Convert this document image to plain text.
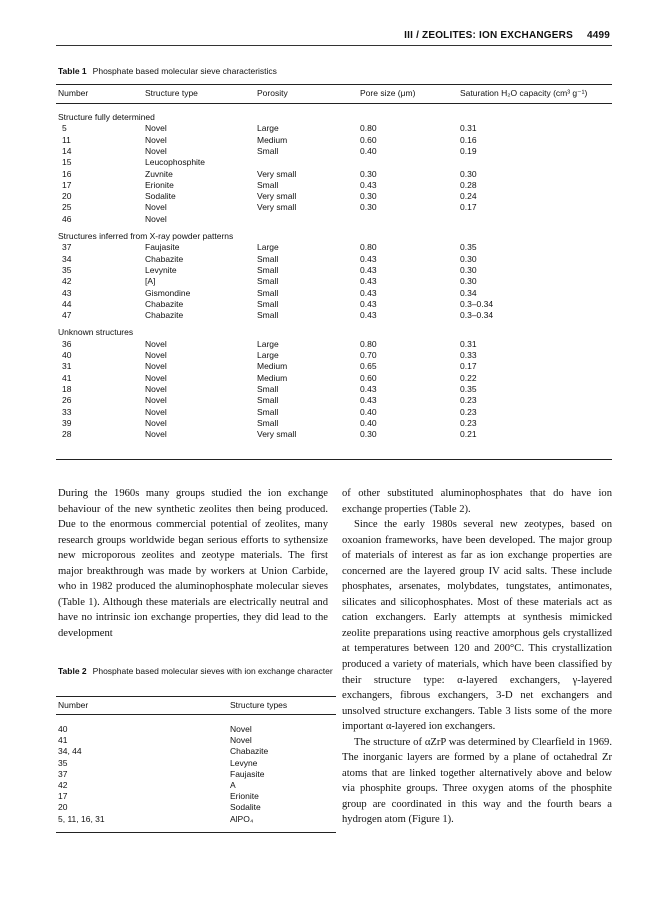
III / ZEOLITES: ION EXCHANGERS 4499
Table 1 Phosphate based molecular sieve characteristics
Number	Structure type	Porosity	Pore size (μm)	Saturation H₂O capacity (cm³ g⁻¹)
Structure fully determined
5	Novel	Large	0.80	0.31
11	Novel	Medium	0.60	0.16
14	Novel	Small	0.40	0.19
15	Leucophosphite
16	Zuvnite	Very small	0.30	0.30
17	Erionite	Small	0.43	0.28
20	Sodalite	Very small	0.30	0.24
25	Novel	Very small	0.30	0.17
46	Novel
Structures inferred from X-ray powder patterns
37	Faujasite	Large	0.80	0.35
34	Chabazite	Small	0.43	0.30
35	Levynite	Small	0.43	0.30
42	[A]	Small	0.43	0.30
43	Gismondine	Small	0.43	0.34
44	Chabazite	Small	0.43	0.3–0.34
47	Chabazite	Small	0.43	0.3–0.34
Unknown structures
36	Novel	Large	0.80	0.31
40	Novel	Large	0.70	0.33
31	Novel	Medium	0.65	0.17
41	Novel	Medium	0.60	0.22
18	Novel	Small	0.43	0.35
26	Novel	Small	0.43	0.23
33	Novel	Small	0.40	0.23
39	Novel	Small	0.40	0.23
28	Novel	Very small	0.30	0.21

During the 1960s many groups studied the ion exchange behaviour of the new synthetic zeolites then being produced. Due to the enormous commercial potential of zeolites, many research groups worldwide began serious efforts to sythensize new microporous zeolites and zeotype materials. The first major breakthrough was made by workers at Union Carbide, who in 1982 produced the aluminophosphate molecular sieves (Table 1). Although these materials are electrically neutral and have no intrinsic ion exchange properties, they did lead to the development

of other substituted aluminophosphates that do have ion exchange properties (Table 2).

Since the early 1980s several new zeotypes, based on oxoanion frameworks, have been developed. The major group of materials of interest as far as ion exchange properties are concerned are the layered group IV acid salts. These include phosphates, arsenates, molybdates, tungstates, antimonates, silicates and silicophosphates. Most of these materials act as cation exchangers. Early attempts at synthesis mimicked zeolite preparations using reactive amorphous gels crystallized at temperatures between 120 and 200°C. This crystallization produced a variety of materials, which have been classified by their structure type: α-layered exchangers, γ-layered exchangers, fibrous exchangers, 3-D net exchangers and unsolved structure exchangers. Table 3 lists some of the more important α-layered ion exchangers.

The structure of αZrP was determined by Clearfield in 1969. The inorganic layers are formed by a plane of octahedral Zr atoms that are linked together alternatively above and below via phosphite groups. Three oxygen atoms of the phosphite group are coordinated in this way and the fourth bears a hydrogen atom (Figure 1).

Table 2 Phosphate based molecular sieves with ion exchange character
Number	Structure types
40	Novel
41	Novel
34, 44	Chabazite
35	Levyne
37	Faujasite
42	A
17	Erionite
20	Sodalite
5, 11, 16, 31	AlPO₄
